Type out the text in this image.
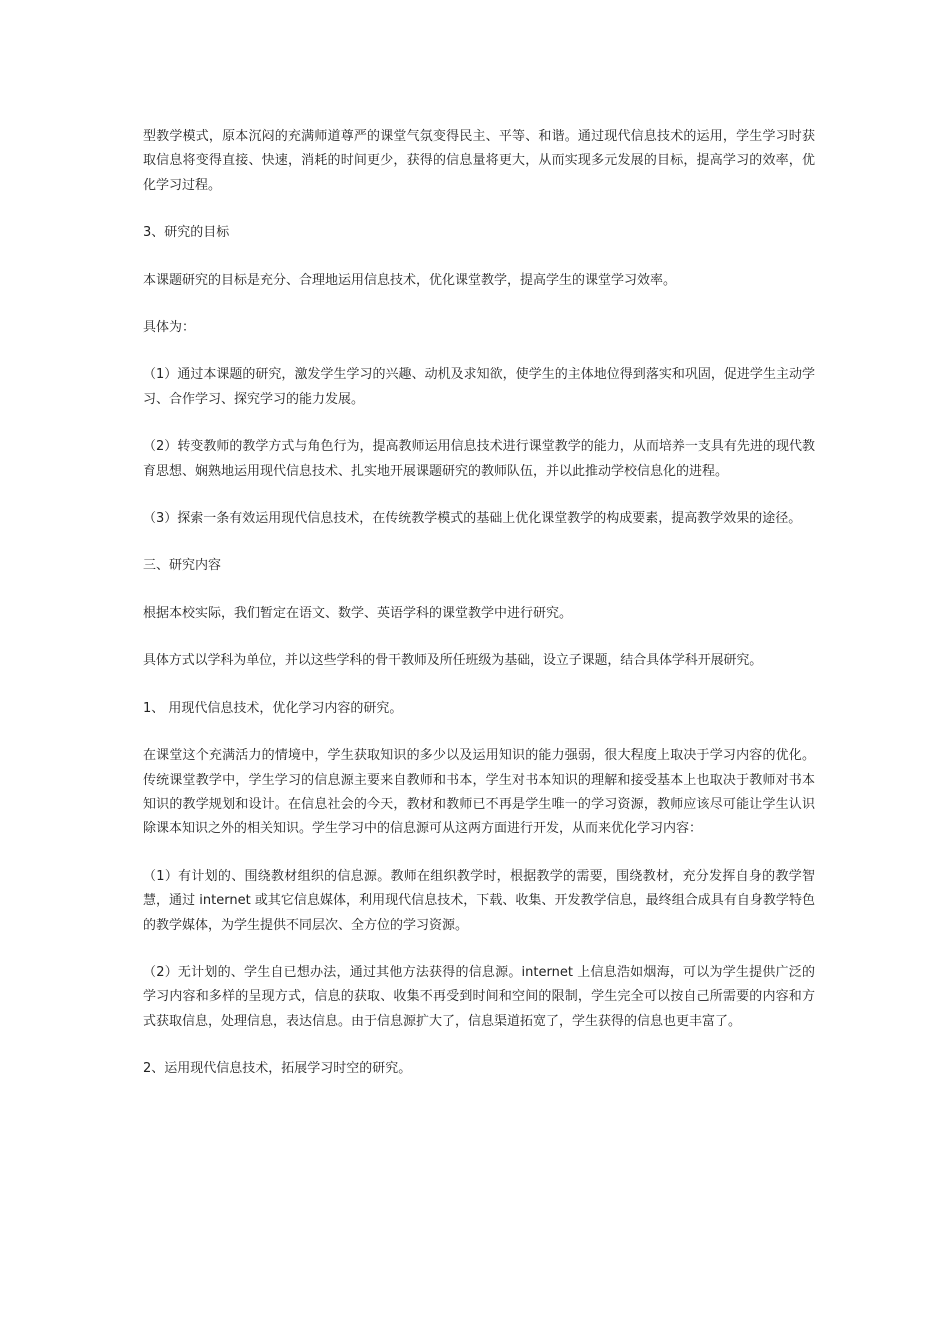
型教学模式，原本沉闷的充满师道尊严的课堂气氛变得民主、平等、和谐。通过现代信息技术的运用，学生学习时获取信息将变得直接、快速，消耗的时间更少，获得的信息量将更大，从而实现多元发展的目标，提高学习的效率，优化学习过程。

3、研究的目标

本课题研究的目标是充分、合理地运用信息技术，优化课堂教学，提高学生的课堂学习效率。

具体为：

（1）通过本课题的研究，激发学生学习的兴趣、动机及求知欲，使学生的主体地位得到落实和巩固，促进学生主动学习、合作学习、探究学习的能力发展。

（2）转变教师的教学方式与角色行为，提高教师运用信息技术进行课堂教学的能力，从而培养一支具有先进的现代教育思想、娴熟地运用现代信息技术、扎实地开展课题研究的教师队伍，并以此推动学校信息化的进程。

（3）探索一条有效运用现代信息技术，在传统教学模式的基础上优化课堂教学的构成要素，提高教学效果的途径。

三、研究内容

根据本校实际，我们暂定在语文、数学、英语学科的课堂教学中进行研究。

具体方式以学科为单位，并以这些学科的骨干教师及所任班级为基础，设立子课题，结合具体学科开展研究。

1、 用现代信息技术，优化学习内容的研究。

在课堂这个充满活力的情境中，学生获取知识的多少以及运用知识的能力强弱，很大程度上取决于学习内容的优化。传统课堂教学中，学生学习的信息源主要来自教师和书本，学生对书本知识的理解和接受基本上也取决于教师对书本知识的教学规划和设计。在信息社会的今天，教材和教师已不再是学生唯一的学习资源，教师应该尽可能让学生认识除课本知识之外的相关知识。学生学习中的信息源可从这两方面进行开发，从而来优化学习内容：

（1）有计划的、围绕教材组织的信息源。教师在组织教学时，根据教学的需要，围绕教材，充分发挥自身的教学智慧，通过 internet 或其它信息媒体，利用现代信息技术，下载、收集、开发教学信息，最终组合成具有自身教学特色的教学媒体，为学生提供不同层次、全方位的学习资源。

（2）无计划的、学生自已想办法，通过其他方法获得的信息源。internet 上信息浩如烟海，可以为学生提供广泛的学习内容和多样的呈现方式，信息的获取、收集不再受到时间和空间的限制，学生完全可以按自己所需要的内容和方式获取信息，处理信息，表达信息。由于信息源扩大了，信息渠道拓宽了，学生获得的信息也更丰富了。

2、运用现代信息技术，拓展学习时空的研究。
